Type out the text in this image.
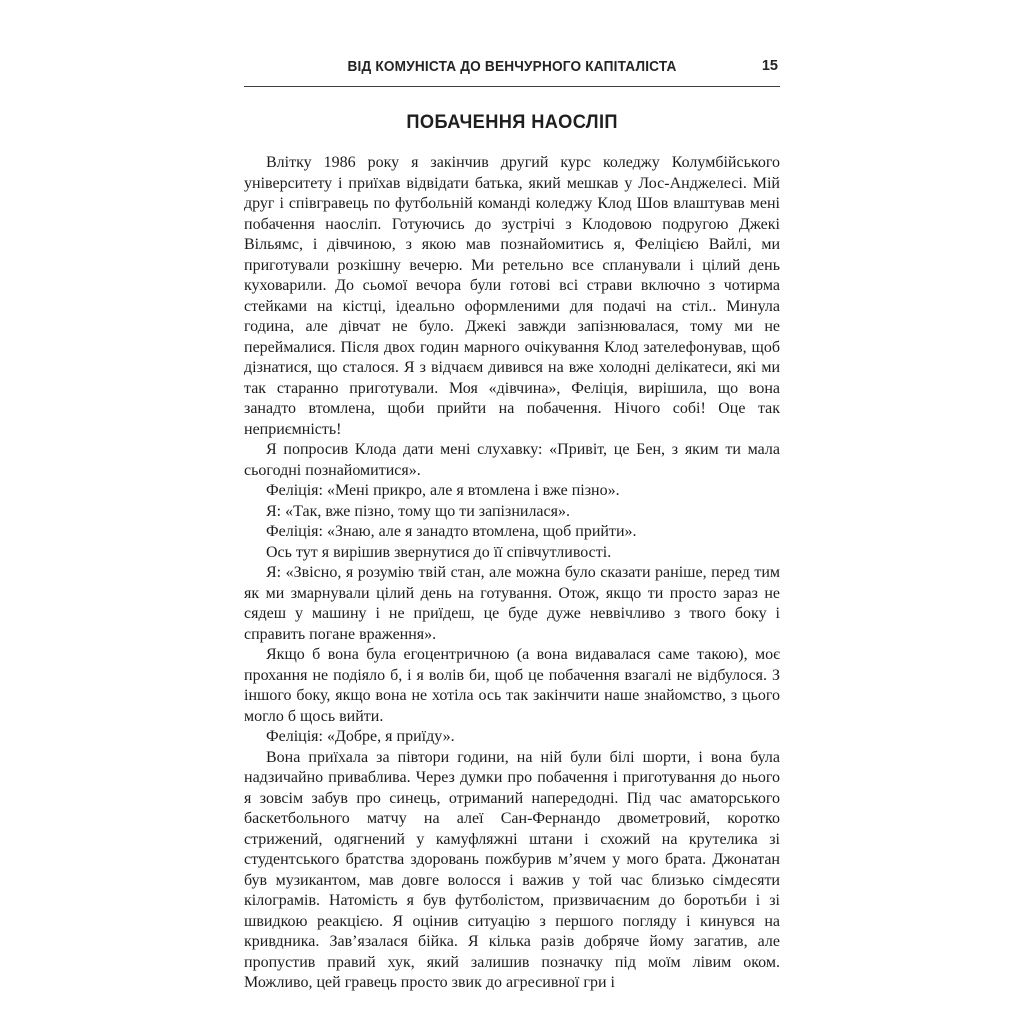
ВІД КОМУНІСТА ДО ВЕНЧУРНОГО КАПІТАЛІСТА	15
ПОБАЧЕННЯ НАОСЛІП

Влітку 1986 року я закінчив другий курс коледжу Колумбійського університету і приїхав відвідати батька, який мешкав у Лос-Анджелесі. Мій друг і співгравець по футбольній команді коледжу Клод Шов влаштував мені побачення наосліп. Готуючись до зустрічі з Клодовою подругою Джекі Вільямс, і дівчиною, з якою мав познайомитись я, Феліцією Вайлі, ми приготували розкішну вечерю. Ми ретельно все спланували і цілий день куховарили. До сьомої вечора були готові всі страви включно з чотирма стейками на кістці, ідеально оформленими для подачі на стіл.. Минула година, але дівчат не було. Джекі завжди запізнювалася, тому ми не переймалися. Після двох годин марного очікування Клод зателефонував, щоб дізнатися, що сталося. Я з відчаєм дивився на вже холодні делікатеси, які ми так старанно приготували. Моя «дівчина», Феліція, вирішила, що вона занадто втомлена, щоби прийти на побачення. Нічого собі! Оце так неприємність!

Я попросив Клода дати мені слухавку: «Привіт, це Бен, з яким ти мала сьогодні познайомитися».

Феліція: «Мені прикро, але я втомлена і вже пізно».

Я: «Так, вже пізно, тому що ти запізнилася».

Феліція: «Знаю, але я занадто втомлена, щоб прийти».

Ось тут я вирішив звернутися до її співчутливості.

Я: «Звісно, я розумію твій стан, але можна було сказати раніше, перед тим як ми змарнували цілий день на готування. Отож, якщо ти просто зараз не сядеш у машину і не приїдеш, це буде дуже неввічливо з твого боку і справить погане враження».

Якщо б вона була егоцентричною (а вона видавалася саме такою), моє прохання не подіяло б, і я волів би, щоб це побачення взагалі не відбулося. З іншого боку, якщо вона не хотіла ось так закінчити наше знайомство, з цього могло б щось вийти.

Феліція: «Добре, я приїду».

Вона приїхала за півтори години, на ній були білі шорти, і вона була надзичайно приваблива. Через думки про побачення і приготування до нього я зовсім забув про синець, отриманий напередодні. Під час аматорського баскетбольного матчу на алеї Сан-Фернандо двометровий, коротко стрижений, одягнений у камуфляжні штани і схожий на крутелика зі студентського братства здоровань пожбурив м’ячем у мого брата. Джонатан був музикантом, мав довге волосся і важив у той час близько сімдесяти кілограмів. Натомість я був футболістом, призвичаєним до боротьби і зі швидкою реакцією. Я оцінив ситуацію з першого погляду і кинувся на кривдника. Зав’язалася бійка. Я кілька разів добряче йому загатив, але пропустив правий хук, який залишив позначку під моїм лівим оком. Можливо, цей гравець просто звик до агресивної гри і
